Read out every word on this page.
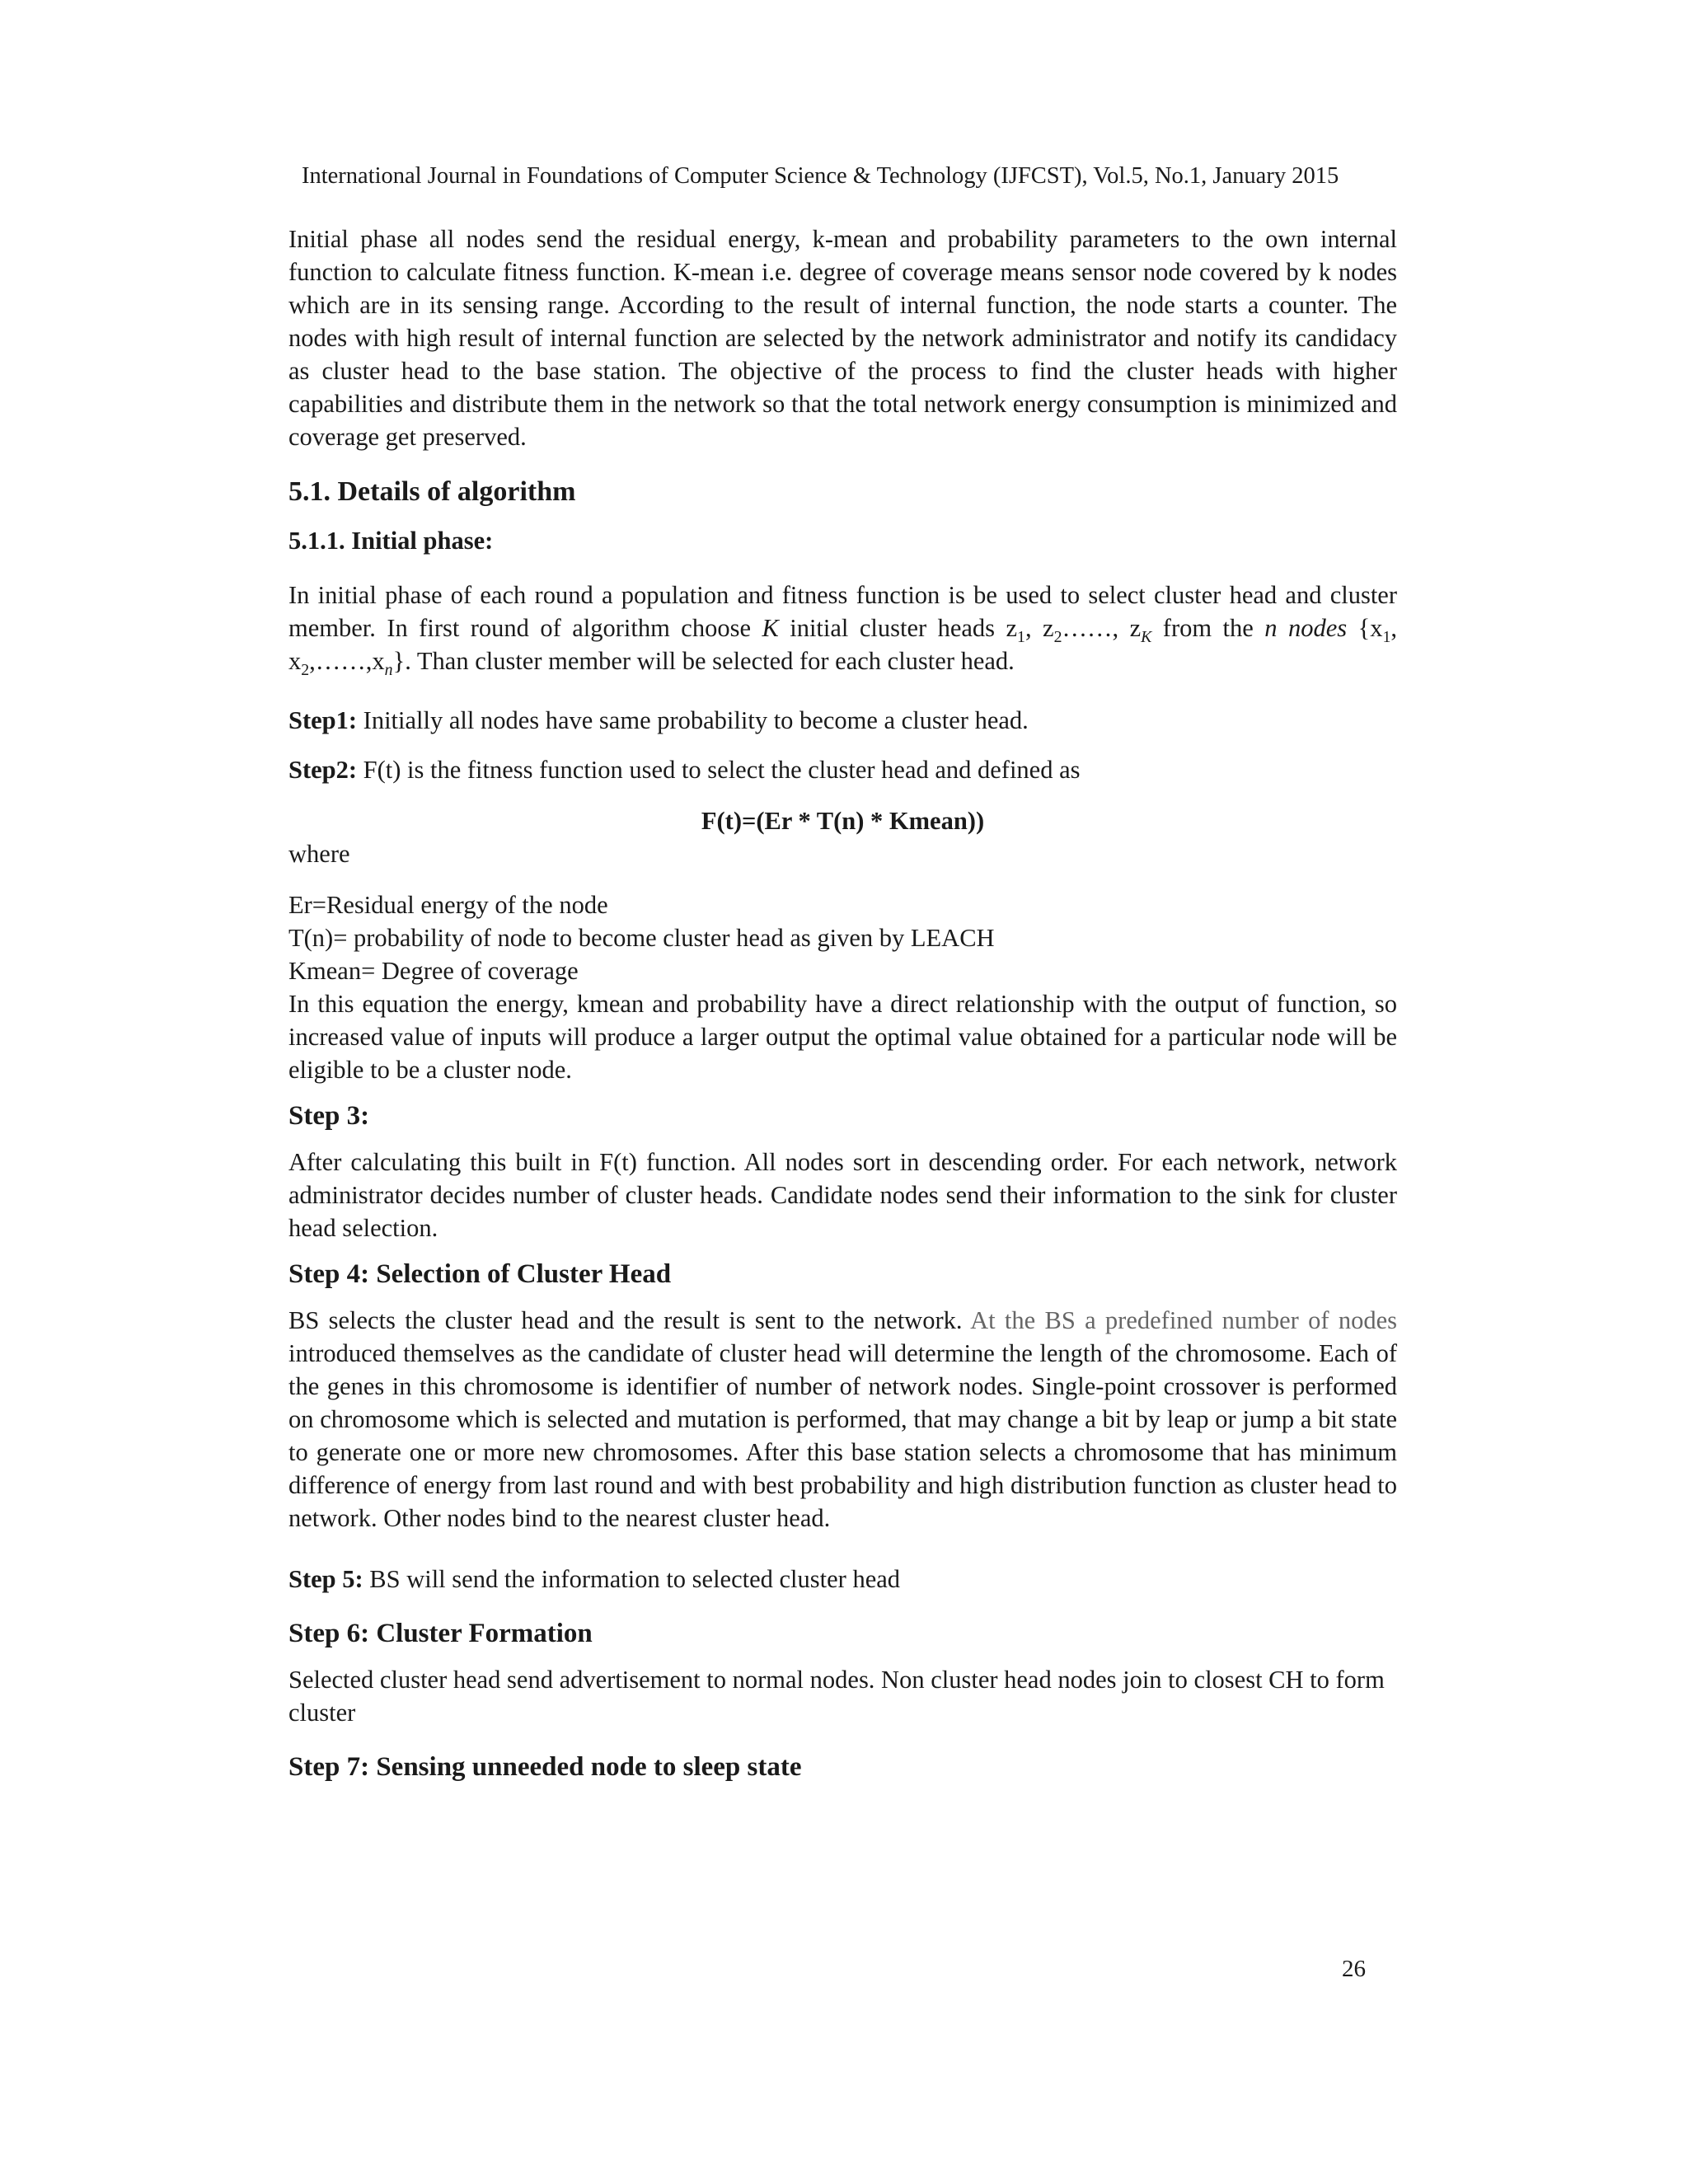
International Journal in Foundations of Computer Science & Technology (IJFCST), Vol.5, No.1, January 2015

Initial phase all nodes send the residual energy, k-mean and probability parameters to the own internal function to calculate fitness function. K-mean i.e. degree of coverage means sensor node covered by k nodes which are in its sensing range. According to the result of internal function, the node starts a counter. The nodes with high result of internal function are selected by the network administrator and notify its candidacy as cluster head to the base station. The objective of the process to find the cluster heads with higher capabilities and distribute them in the network so that the total network energy consumption is minimized and coverage get preserved.

5.1. Details of algorithm
5.1.1. Initial phase:

In initial phase of each round a population and fitness function is be used to select cluster head and cluster member. In first round of algorithm choose K initial cluster heads $z_1$, $z_2\dots\dots$, $z_K$ from the n nodes {$x_1$, $x_2,\dots\dots,x_n$}. Than cluster member will be selected for each cluster head.

Step1: Initially all nodes have same probability to become a cluster head.

Step2: F(t) is the fitness function used to select the cluster head and defined as

F(t)=(Er * T(n) * Kmean))
where

Er=Residual energy of the node

T(n)= probability of node to become cluster head as given by LEACH

Kmean= Degree of coverage

In this equation the energy, kmean and probability have a direct relationship with the output of function, so increased value of inputs will produce a larger output the optimal value obtained for a particular node will be eligible to be a cluster node.

Step 3:

After calculating this built in F(t) function. All nodes sort in descending order. For each network, network administrator decides number of cluster heads. Candidate nodes send their information to the sink for cluster head selection.

Step 4: Selection of Cluster Head

BS selects the cluster head and the result is sent to the network. At the BS a predefined number of nodes introduced themselves as the candidate of cluster head will determine the length of the chromosome. Each of the genes in this chromosome is identifier of number of network nodes. Single-point crossover is performed on chromosome which is selected and mutation is performed, that may change a bit by leap or jump a bit state to generate one or more new chromosomes. After this base station selects a chromosome that has minimum difference of energy from last round and with best probability and high distribution function as cluster head to network. Other nodes bind to the nearest cluster head.

Step 5: BS will send the information to selected cluster head

Step 6: Cluster Formation

Selected cluster head send advertisement to normal nodes. Non cluster head nodes join to closest CH to form cluster

Step 7: Sensing unneeded node to sleep state
26
